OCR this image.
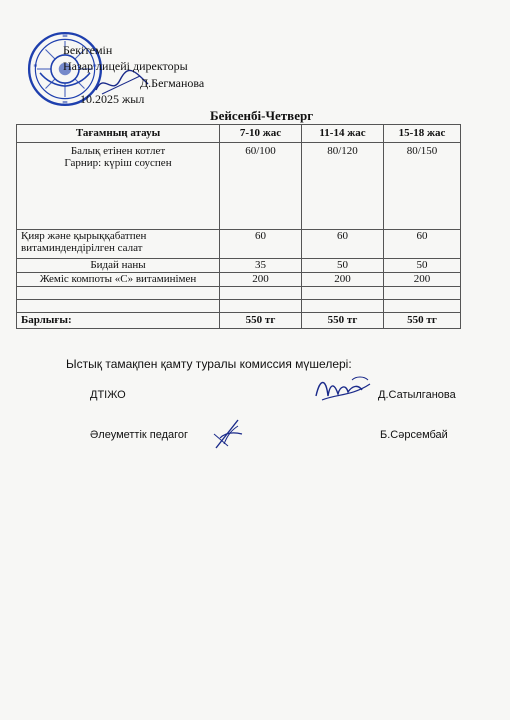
Бекітемін
Назар лицейі директоры
Д.Бегманова
10.2025 жыл
Бейсенбі-Четверг
Тағамның атауы	7-10 жас	11-14 жас	15-18 жас

Балық етінен котлет
Гарнир: күріш соуспен	60/100	80/120	80/150

Қияр және қырыққабатпен
витаминдендірілген салат	60	60	60
Бидай наны	35	50	50
Жеміс компоты «С» витаминімен	200	200	200

Барлығы:	550 тг	550 тг	550 тг
Ыстық тамақпен қамту туралы комиссия мүшелері:
ДТІЖО	Д.Сатылганова
Әлеуметтік педагог	Б.Сәрсембай
